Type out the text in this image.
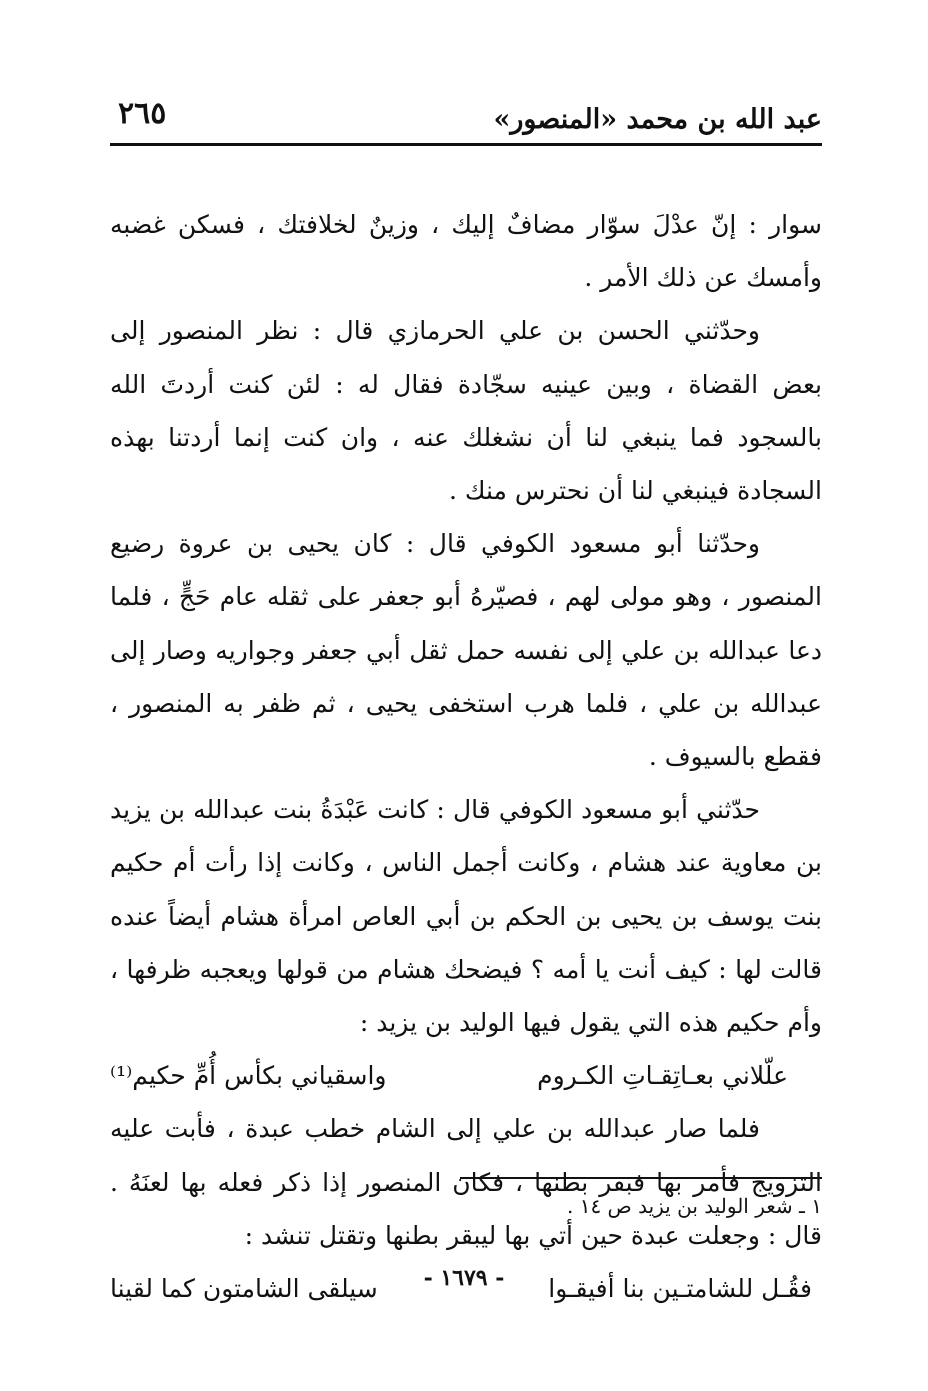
عبد الله بن محمد «المنصور»
٢٦٥

سوار : إنّ عدْلَ سوّار مضافٌ إليك ، وزينٌ لخلافتك ، فسكن غضبه وأمسك عن ذلك الأمر .

وحدّثني الحسن بن علي الحرمازي قال : نظر المنصور إلى بعض القضاة ، وبين عينيه سجّادة فقال له : لئن كنت أردتَ الله بالسجود فما ينبغي لنا أن نشغلك عنه ، وان كنت إنما أردتنا بهذه السجادة فينبغي لنا أن نحترس منك .

وحدّثنا أبو مسعود الكوفي قال : كان يحيى بن عروة رضيع المنصور ، وهو مولى لهم ، فصيّرهُ أبو جعفر على ثقله عام حَجٍّ ، فلما دعا عبدالله بن علي إلى نفسه حمل ثقل أبي جعفر وجواريه وصار إلى عبدالله بن علي ، فلما هرب استخفى يحيى ، ثم ظفر به المنصور ، فقطع بالسيوف .

حدّثني أبو مسعود الكوفي قال : كانت عَبْدَةُ بنت عبدالله بن يزيد بن معاوية عند هشام ، وكانت أجمل الناس ، وكانت إذا رأت أم حكيم بنت يوسف بن يحيى بن الحكم بن أبي العاص امرأة هشام أيضاً عنده قالت لها : كيف أنت يا أمه ؟ فيضحك هشام من قولها ويعجبه ظرفها ، وأم حكيم هذه التي يقول فيها الوليد بن يزيد :

علّلاني بعـاتِقـاتِ الكـروم
واسقياني بكأس أُمِّ حكيم⁽¹⁾

فلما صار عبدالله بن علي إلى الشام خطب عبدة ، فأبت عليه التزويج فأمر بها فبقر بطنها ، فكان المنصور إذا ذكر فعله بها لعنَهُ . قال : وجعلت عبدة حين أتي بها ليبقر بطنها وتقتل تنشد :

فقُـل للشامتـين بنا أفيقـوا
سيلقى الشامتون كما لقينا
١ ـ شعر الوليد بن يزيد ص ١٤ .
- ١٦٧٩ -
